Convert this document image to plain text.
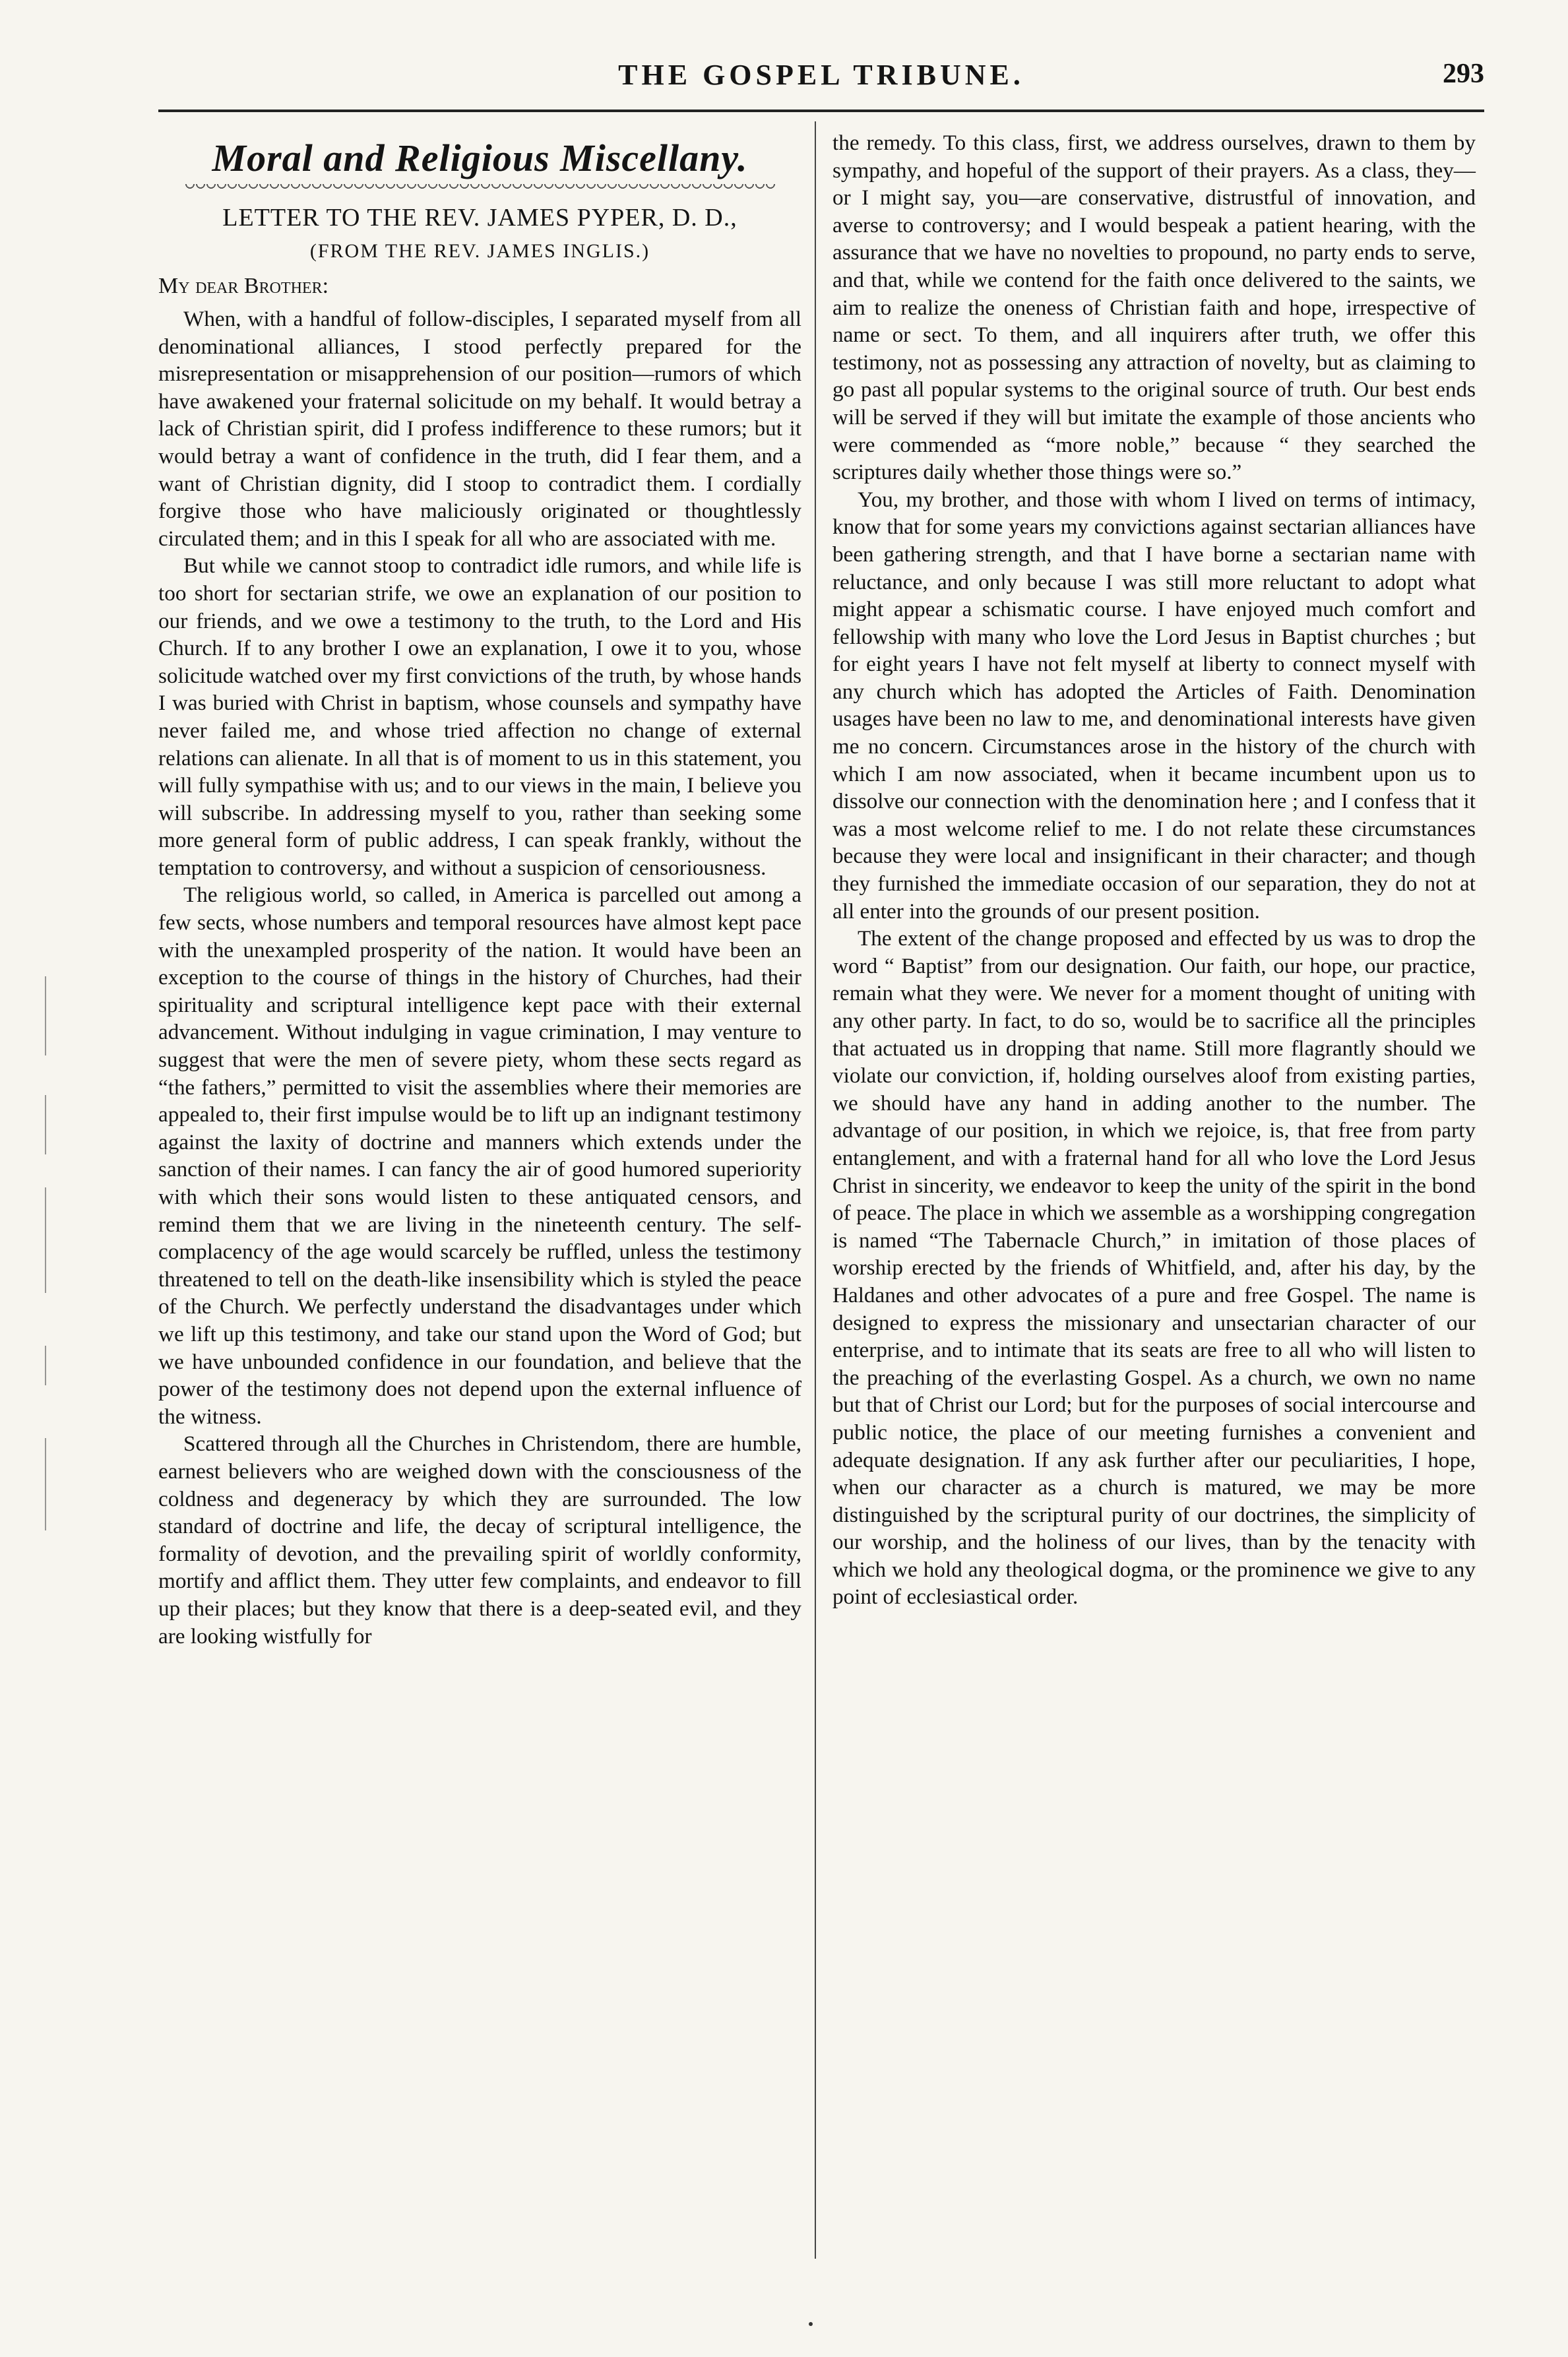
THE GOSPEL TRIBUNE.	293
Moral and Religious Miscellany.
LETTER TO THE REV. JAMES PYPER, D. D.,
(FROM THE REV. JAMES INGLIS.)
My dear Brother:

When, with a handful of follow-disciples, I separated myself from all denominational alliances, I stood perfectly prepared for the misrepresentation or misapprehension of our position—rumors of which have awakened your fraternal solicitude on my behalf. It would betray a lack of Christian spirit, did I profess indifference to these rumors; but it would betray a want of confidence in the truth, did I fear them, and a want of Christian dignity, did I stoop to contradict them. I cordially forgive those who have maliciously originated or thoughtlessly circulated them; and in this I speak for all who are associated with me.

But while we cannot stoop to contradict idle rumors, and while life is too short for sectarian strife, we owe an explanation of our position to our friends, and we owe a testimony to the truth, to the Lord and His Church. If to any brother I owe an explanation, I owe it to you, whose solicitude watched over my first convictions of the truth, by whose hands I was buried with Christ in baptism, whose counsels and sympathy have never failed me, and whose tried affection no change of external relations can alienate. In all that is of moment to us in this statement, you will fully sympathise with us; and to our views in the main, I believe you will subscribe. In addressing myself to you, rather than seeking some more general form of public address, I can speak frankly, without the temptation to controversy, and without a suspicion of censoriousness.

The religious world, so called, in America is parcelled out among a few sects, whose numbers and temporal resources have almost kept pace with the unexampled prosperity of the nation. It would have been an exception to the course of things in the history of Churches, had their spirituality and scriptural intelligence kept pace with their external advancement. Without indulging in vague crimination, I may venture to suggest that were the men of severe piety, whom these sects regard as “the fathers,” permitted to visit the assemblies where their memories are appealed to, their first impulse would be to lift up an indignant testimony against the laxity of doctrine and manners which extends under the sanction of their names. I can fancy the air of good humored superiority with which their sons would listen to these antiquated censors, and remind them that we are living in the nineteenth century. The self-complacency of the age would scarcely be ruffled, unless the testimony threatened to tell on the death-like insensibility which is styled the peace of the Church. We perfectly understand the disadvantages under which we lift up this testimony, and take our stand upon the Word of God; but we have unbounded confidence in our foundation, and believe that the power of the testimony does not depend upon the external influence of the witness.

Scattered through all the Churches in Christendom, there are humble, earnest believers who are weighed down with the consciousness of the coldness and degeneracy by which they are surrounded. The low standard of doctrine and life, the decay of scriptural intelligence, the formality of devotion, and the prevailing spirit of worldly conformity, mortify and afflict them. They utter few complaints, and endeavor to fill up their places; but they know that there is a deep-seated evil, and they are looking wistfully for

the remedy. To this class, first, we address ourselves, drawn to them by sympathy, and hopeful of the support of their prayers. As a class, they—or I might say, you—are conservative, distrustful of innovation, and averse to controversy; and I would bespeak a patient hearing, with the assurance that we have no novelties to propound, no party ends to serve, and that, while we contend for the faith once delivered to the saints, we aim to realize the oneness of Christian faith and hope, irrespective of name or sect. To them, and all inquirers after truth, we offer this testimony, not as possessing any attraction of novelty, but as claiming to go past all popular systems to the original source of truth. Our best ends will be served if they will but imitate the example of those ancients who were commended as “more noble,” because “ they searched the scriptures daily whether those things were so.”

You, my brother, and those with whom I lived on terms of intimacy, know that for some years my convictions against sectarian alliances have been gathering strength, and that I have borne a sectarian name with reluctance, and only because I was still more reluctant to adopt what might appear a schismatic course. I have enjoyed much comfort and fellowship with many who love the Lord Jesus in Baptist churches ; but for eight years I have not felt myself at liberty to connect myself with any church which has adopted the Articles of Faith. Denomination usages have been no law to me, and denominational interests have given me no concern. Circumstances arose in the history of the church with which I am now associated, when it became incumbent upon us to dissolve our connection with the denomination here ; and I confess that it was a most welcome relief to me. I do not relate these circumstances because they were local and insignificant in their character; and though they furnished the immediate occasion of our separation, they do not at all enter into the grounds of our present position.

The extent of the change proposed and effected by us was to drop the word “ Baptist” from our designation. Our faith, our hope, our practice, remain what they were. We never for a moment thought of uniting with any other party. In fact, to do so, would be to sacrifice all the principles that actuated us in dropping that name. Still more flagrantly should we violate our conviction, if, holding ourselves aloof from existing parties, we should have any hand in adding another to the number. The advantage of our position, in which we rejoice, is, that free from party entanglement, and with a fraternal hand for all who love the Lord Jesus Christ in sincerity, we endeavor to keep the unity of the spirit in the bond of peace. The place in which we assemble as a worshipping congregation is named “The Tabernacle Church,” in imitation of those places of worship erected by the friends of Whitfield, and, after his day, by the Haldanes and other advocates of a pure and free Gospel. The name is designed to express the missionary and unsectarian character of our enterprise, and to intimate that its seats are free to all who will listen to the preaching of the everlasting Gospel. As a church, we own no name but that of Christ our Lord; but for the purposes of social intercourse and public notice, the place of our meeting furnishes a convenient and adequate designation. If any ask further after our peculiarities, I hope, when our character as a church is matured, we may be more distinguished by the scriptural purity of our doctrines, the simplicity of our worship, and the holiness of our lives, than by the tenacity with which we hold any theological dogma, or the prominence we give to any point of ecclesiastical order.
